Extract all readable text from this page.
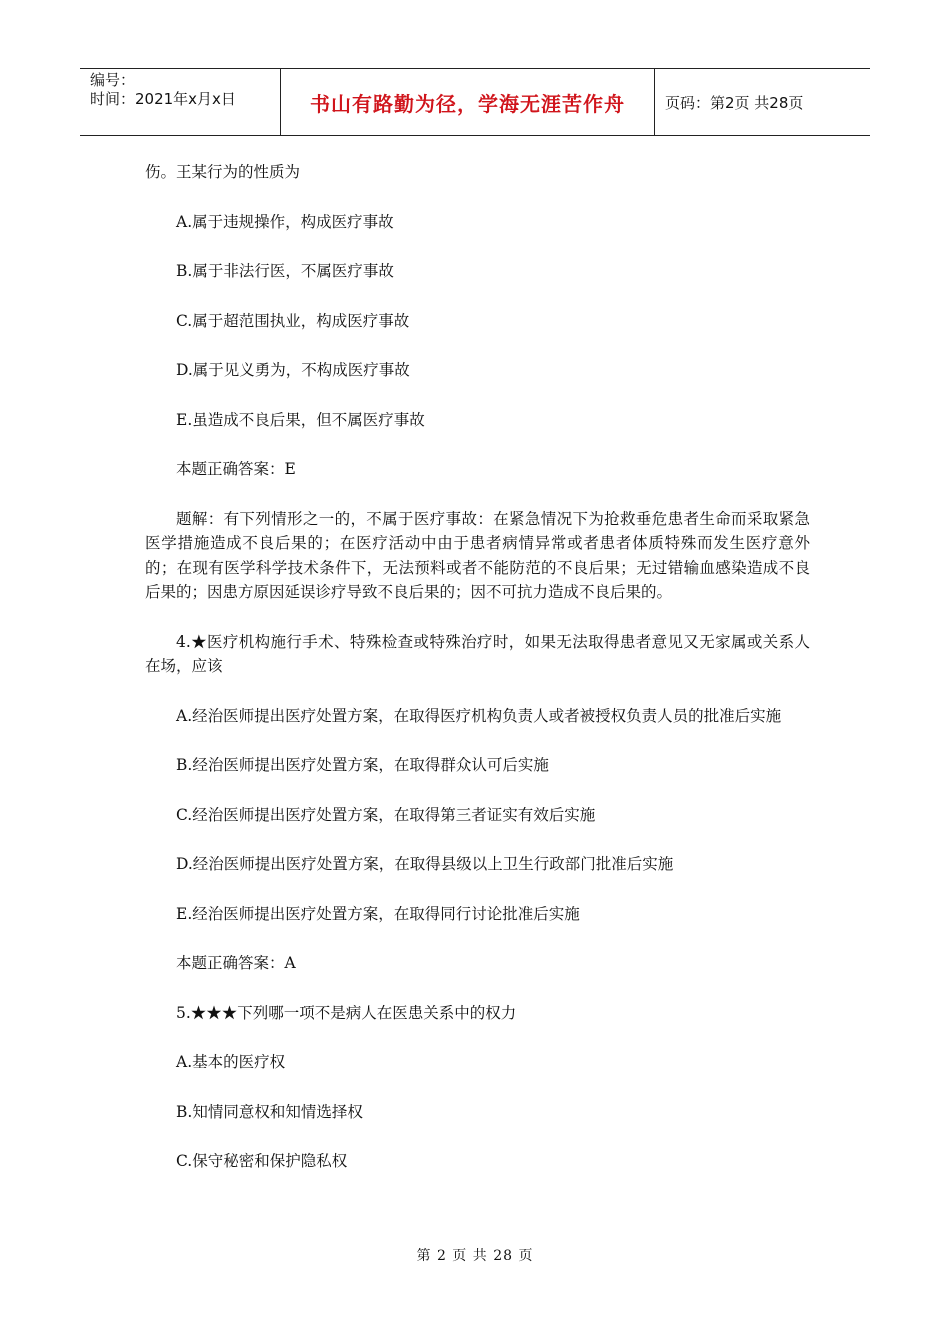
编号：
时间：2021年x月x日	书山有路勤为径，学海无涯苦作舟	页码：第2页 共28页

伤。王某行为的性质为

A.属于违规操作，构成医疗事故

B.属于非法行医，不属医疗事故

C.属于超范围执业，构成医疗事故

D.属于见义勇为，不构成医疗事故

E.虽造成不良后果，但不属医疗事故

本题正确答案：E

题解：有下列情形之一的，不属于医疗事故：在紧急情况下为抢救垂危患者生命而采取紧急医学措施造成不良后果的；在医疗活动中由于患者病情异常或者患者体质特殊而发生医疗意外的；在现有医学科学技术条件下，无法预料或者不能防范的不良后果；无过错输血感染造成不良后果的；因患方原因延误诊疗导致不良后果的；因不可抗力造成不良后果的。

4.★医疗机构施行手术、特殊检查或特殊治疗时，如果无法取得患者意见又无家属或关系人在场，应该

A.经治医师提出医疗处置方案，在取得医疗机构负责人或者被授权负责人员的批准后实施

B.经治医师提出医疗处置方案，在取得群众认可后实施

C.经治医师提出医疗处置方案，在取得第三者证实有效后实施

D.经治医师提出医疗处置方案，在取得县级以上卫生行政部门批准后实施

E.经治医师提出医疗处置方案，在取得同行讨论批准后实施

本题正确答案：A

5.★★★下列哪一项不是病人在医患关系中的权力

A.基本的医疗权

B.知情同意权和知情选择权

C.保守秘密和保护隐私权

第 2 页 共 28 页
